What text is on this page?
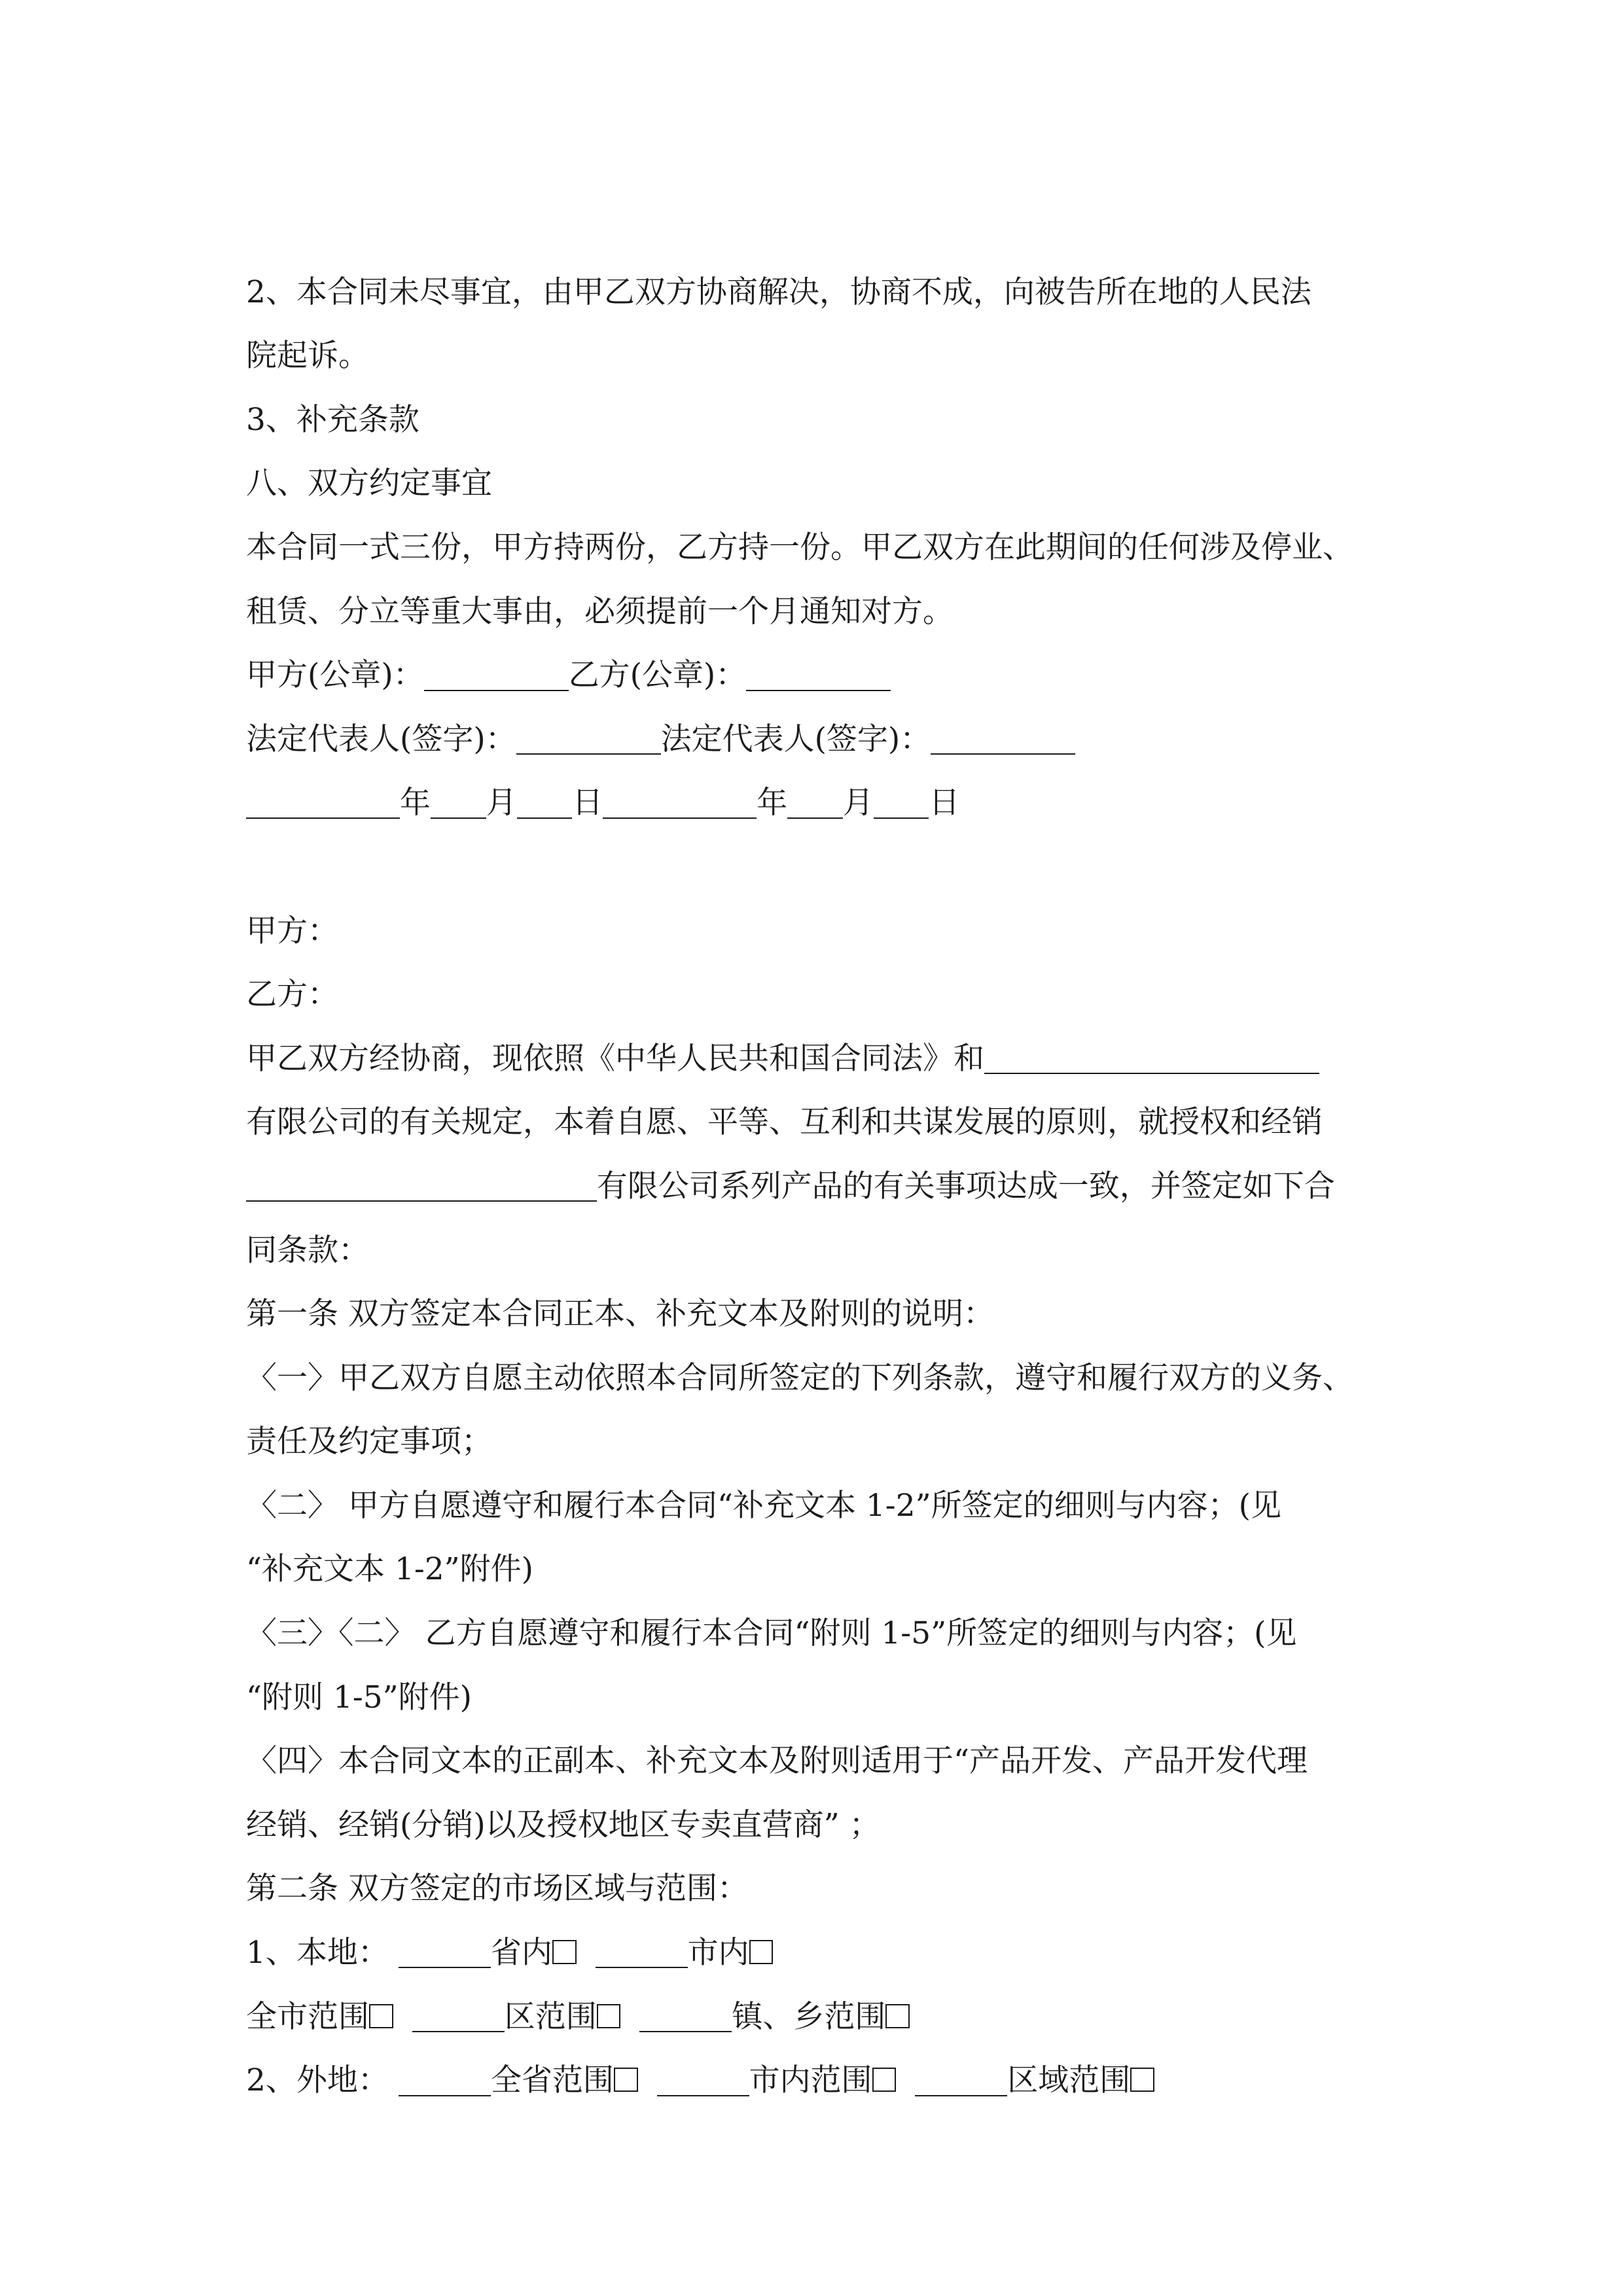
2、本合同未尽事宜，由甲乙双方协商解决，协商不成，向被告所在地的人民法
院起诉。
3、补充条款
八、双方约定事宜
本合同一式三份，甲方持两份，乙方持一份。甲乙双方在此期间的任何涉及停业、
租赁、分立等重大事由，必须提前一个月通知对方。
甲方(公章)：	乙方(公章)：
法定代表人(签字)：	法定代表人(签字)：
年 月 日	年 月 日
甲方：
乙方：
甲乙双方经协商，现依照《中华人民共和国合同法》和
有限公司的有关规定，本着自愿、平等、互利和共谋发展的原则，就授权和经销
有限公司系列产品的有关事项达成一致，并签定如下合
同条款：
第一条 双方签定本合同正本、补充文本及附则的说明：
〈一〉甲乙双方自愿主动依照本合同所签定的下列条款，遵守和履行双方的义务、
责任及约定事项；
〈二〉 甲方自愿遵守和履行本合同“补充文本 1-2”所签定的细则与内容；(见
“补充文本 1-2”附件)
〈三〉〈二〉 乙方自愿遵守和履行本合同“附则 1-5”所签定的细则与内容；(见
“附则 1-5”附件)
〈四〉本合同文本的正副本、补充文本及附则适用于“产品开发、产品开发代理
经销、经销(分销)以及授权地区专卖直营商” ；
第二条 双方签定的市场区域与范围：
1、本地：	省内	市内
全市范围	区范围	镇、乡范围
2、外地：	全省范围	市内范围	区域范围
